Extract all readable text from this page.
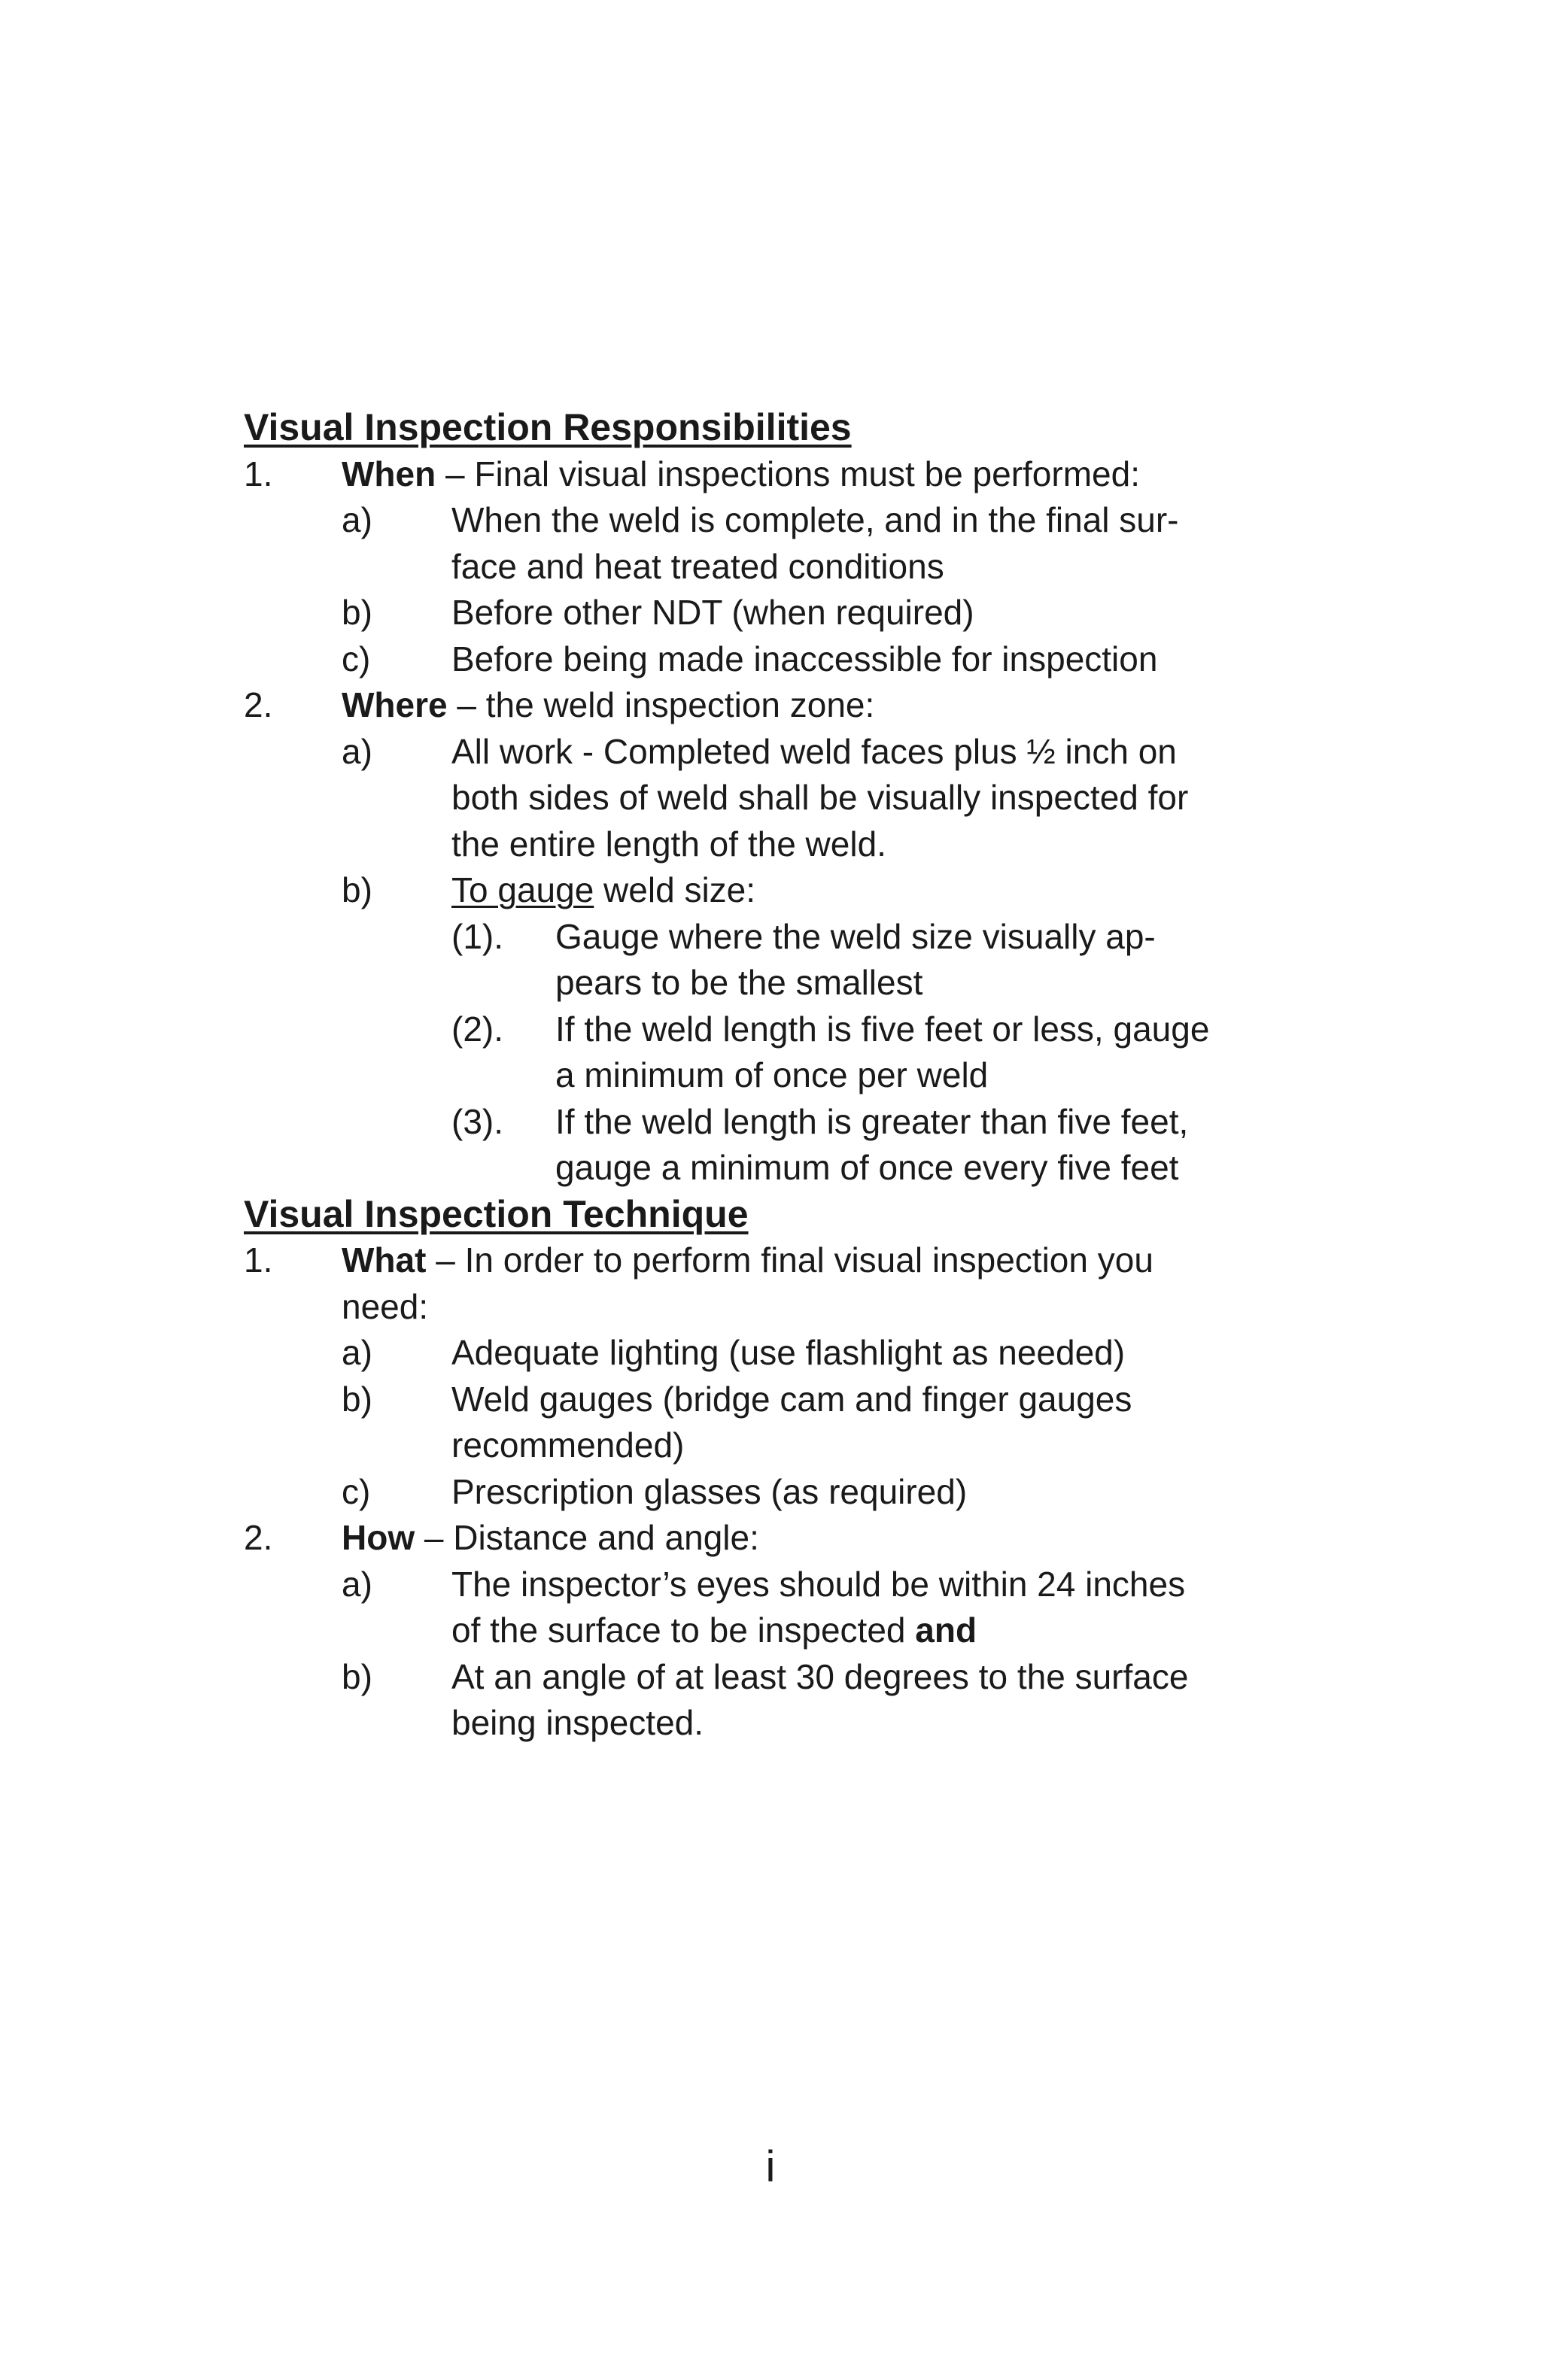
Visual Inspection Responsibilities
1.	When – Final visual inspections must be performed:
a)	When the weld is complete, and in the final sur-
face and heat treated conditions
b)	Before other NDT (when required)
c)	Before being made inaccessible for inspection
2.	Where – the weld inspection zone:
a)	All work - Completed weld faces plus ½ inch on
both sides of weld shall be visually inspected for
the entire length of the weld.
b)	To gauge weld size:
(1).	Gauge where the weld size visually ap-
pears to be the smallest
(2).	If the weld length is five feet or less, gauge
a minimum of once per weld
(3).	If the weld length is greater than five feet,
gauge a minimum of once every five feet
Visual Inspection Technique
1.	What – In order to perform final visual inspection you
need:
a)	Adequate lighting (use flashlight as needed)
b)	Weld gauges (bridge cam and finger gauges
recommended)
c)	Prescription glasses (as required)
2.	How – Distance and angle:
a)	The inspector’s eyes should be within 24 inches
of the surface to be inspected and
b)	At an angle of at least 30 degrees to the surface
being inspected.
i
